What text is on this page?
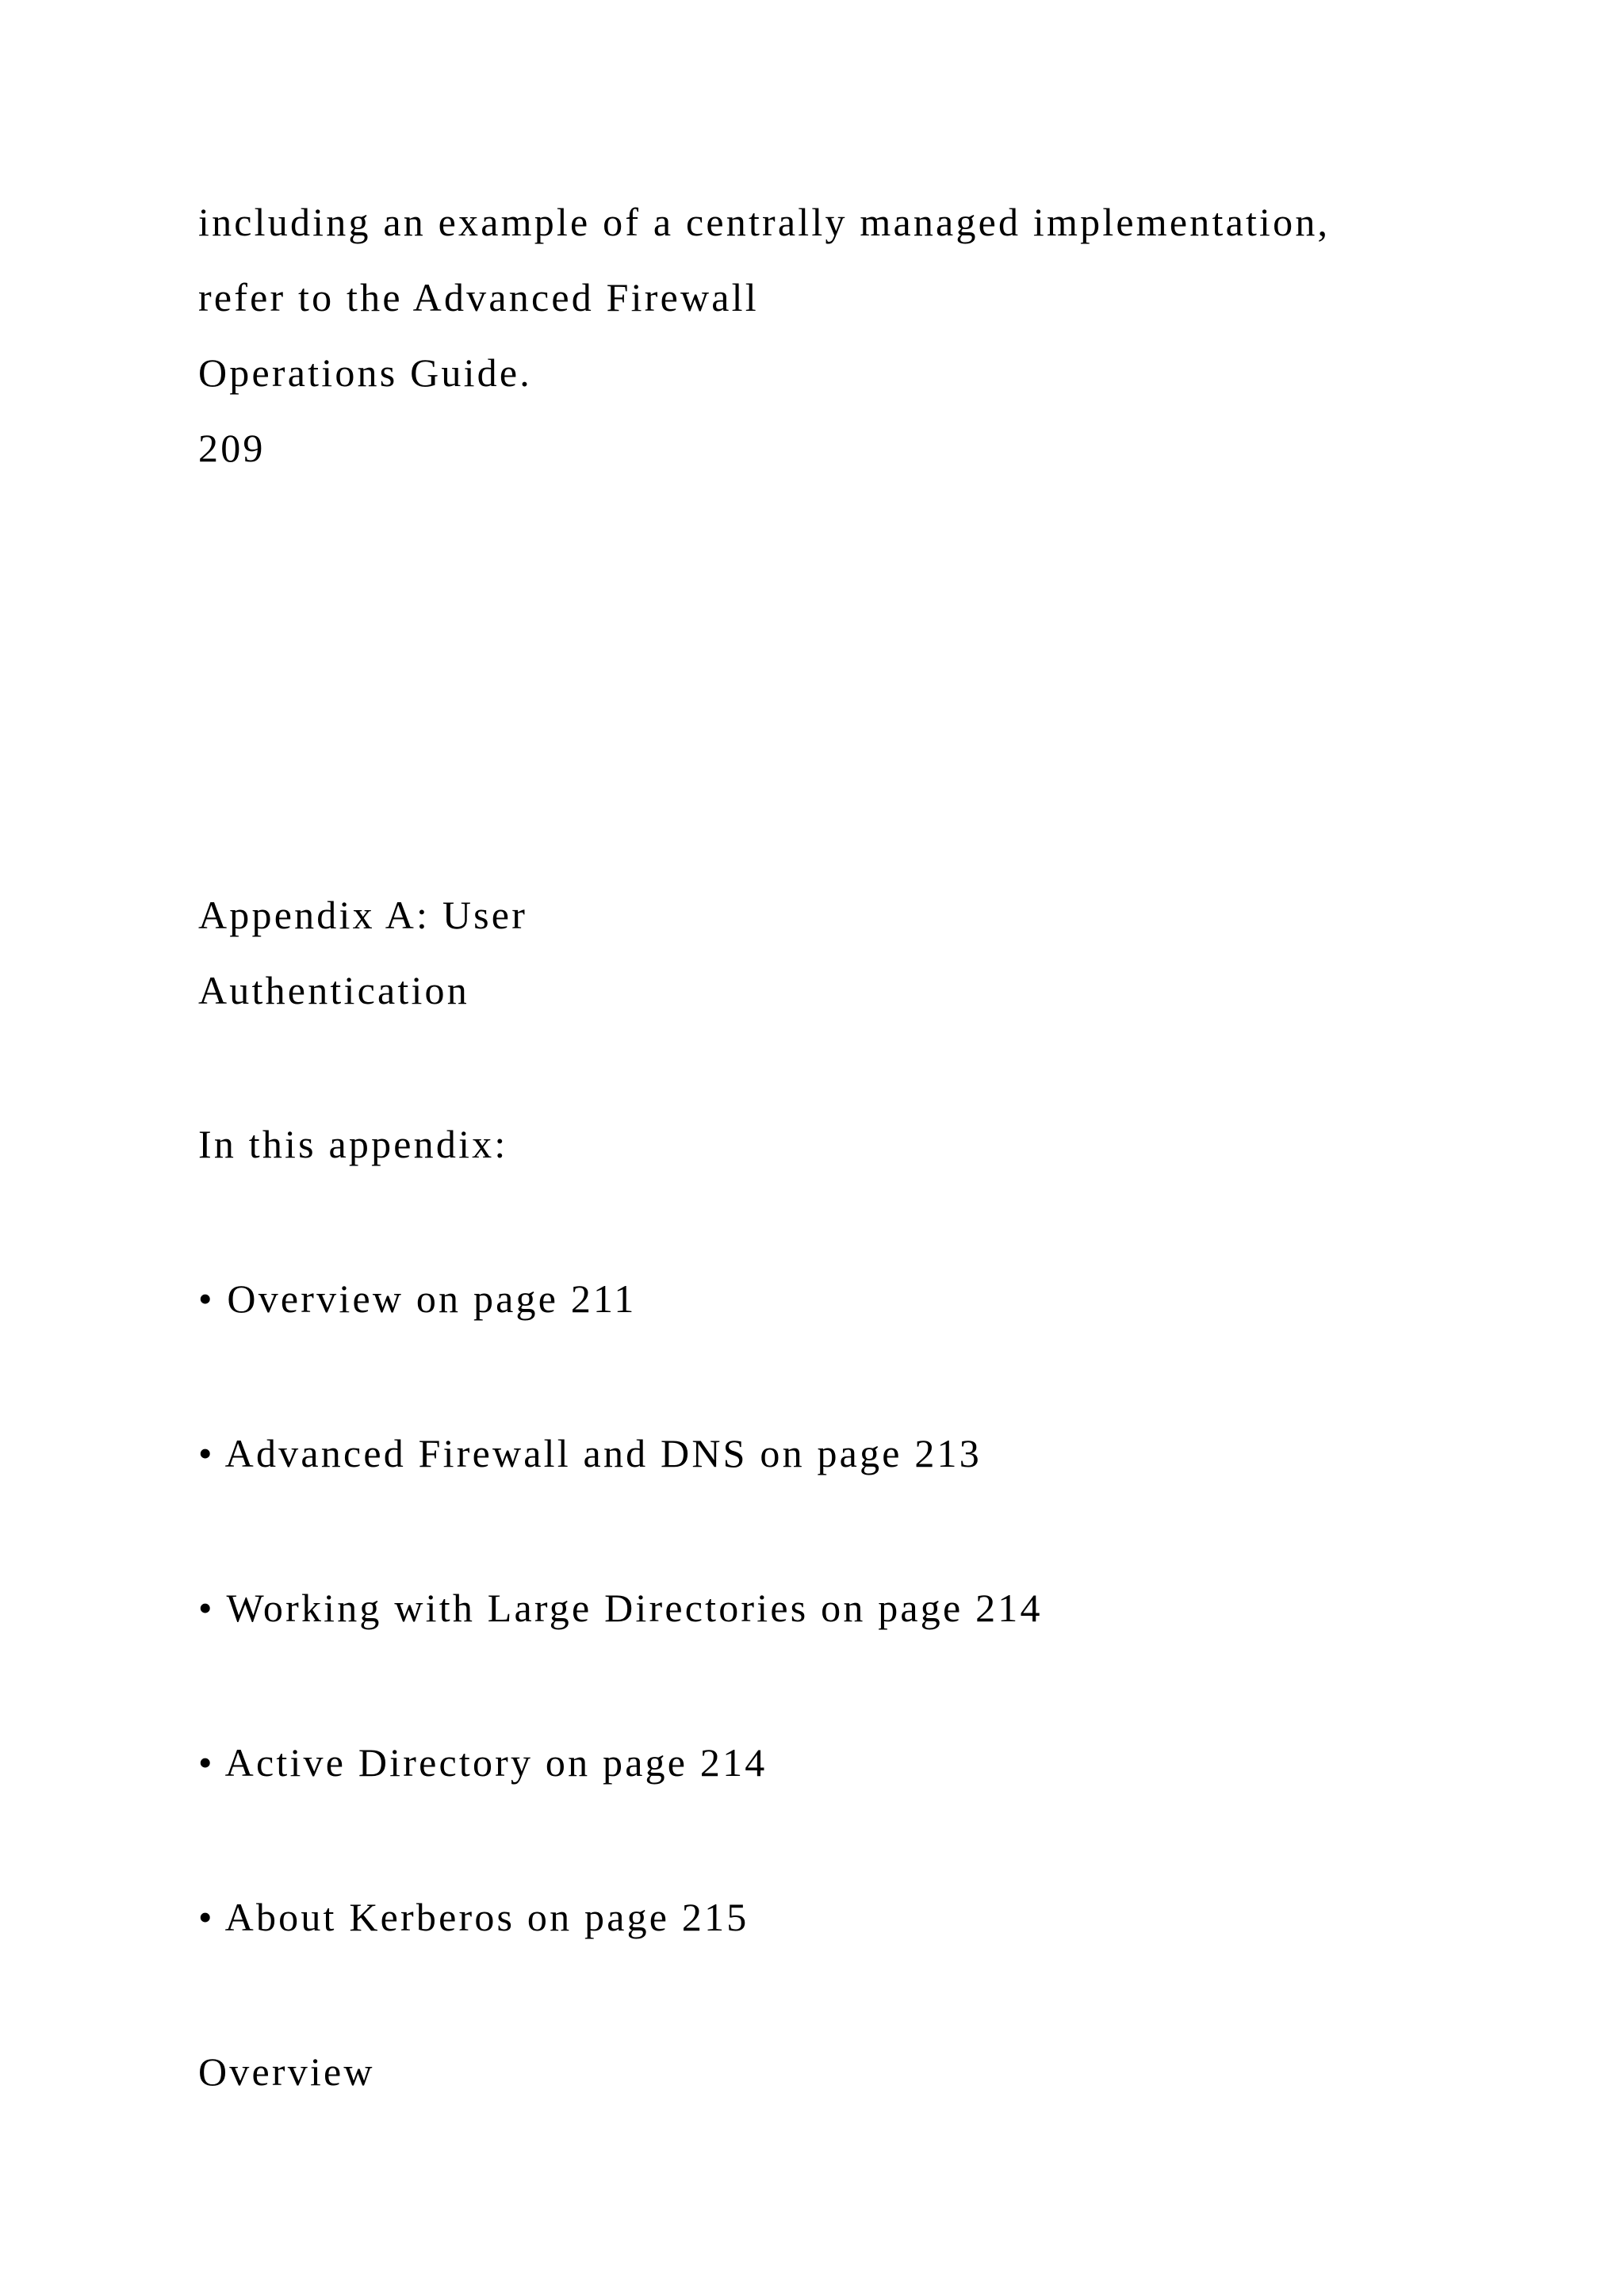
including an example of a centrally managed implementation,
refer to the Advanced Firewall
Operations Guide.
209
Appendix A: User
Authentication
In this appendix:
• Overview on page 211
• Advanced Firewall and DNS on page 213
• Working with Large Directories on page 214
• Active Directory on page 214
• About Kerberos on page 215
Overview
